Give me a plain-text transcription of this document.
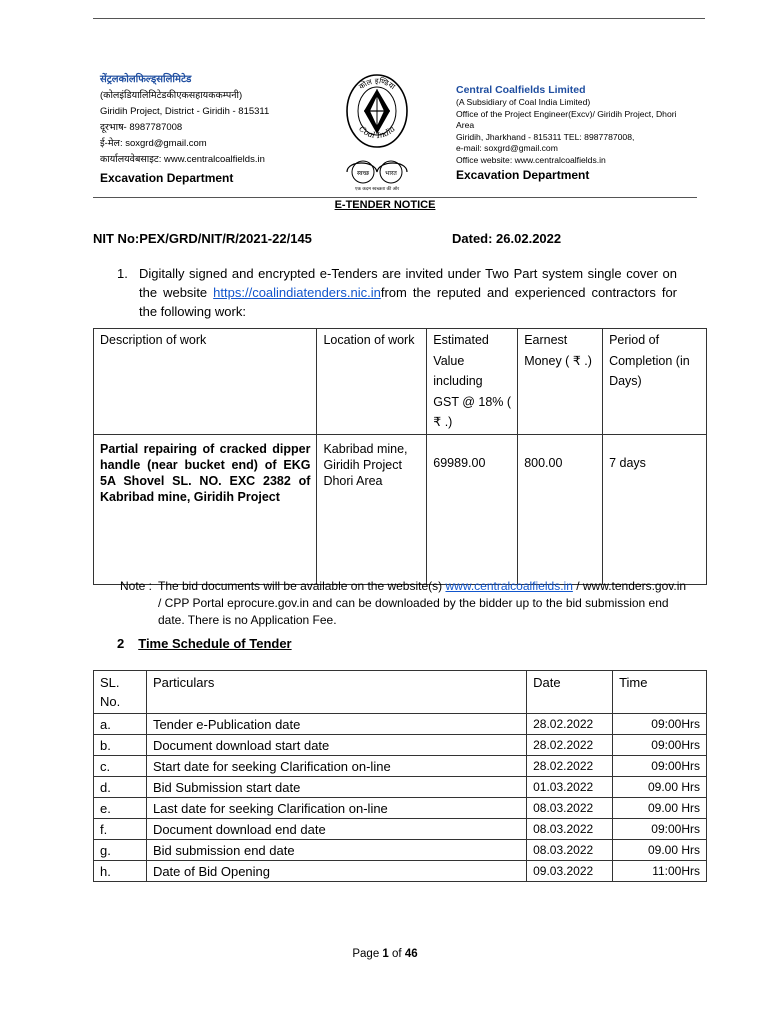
सेंट्रलकोलफिल्ड्सलिमिटेड
(कोलइंडियालिमिटेडकीएकसहायककम्पनी)
Giridih Project, District - Giridih - 815311
दूरभाष- 8987787008
ई-मेल: soxgrd@gmail.com
कार्यालयवेबसाइट: www.centralcoalfields.in
Excavation Department
कोल इण्डिया
Coal India
स्वच्छ	भारत
एक कदम स्वच्छता की ओर
Central Coalfields Limited
(A Subsidiary of Coal India Limited)
Office of the Project Engineer(Excv)/ Giridih Project, Dhori Area
Giridih, Jharkhand - 815311 TEL: 8987787008,
e-mail: soxgrd@gmail.com
Office website: www.centralcoalfields.in
Excavation Department
E-TENDER NOTICE
NIT No:PEX/GRD/NIT/R/2021-22/145	Dated: 26.02.2022
1. Digitally signed and encrypted e-Tenders are invited under Two Part system single cover on the website https://coalindiatenders.nic.infrom the reputed and experienced contractors for the following work:
Description of work	Location of work	Estimated Value including GST @ 18% ( ₹ .)	Earnest Money ( ₹ .)	Period of Completion (in Days)
Partial repairing of cracked dipper handle (near bucket end) of EKG 5A Shovel SL. NO. EXC 2382 of Kabribad mine, Giridih Project	Kabribad mine, Giridih Project Dhori Area	69989.00	800.00	7 days
Note : The bid documents will be available on the website(s) www.centralcoalfields.in / www.tenders.gov.in / CPP Portal eprocure.gov.in and can be downloaded by the bidder up to the bid submission end date. There is no Application Fee.
2 Time Schedule of Tender
SL. No.	Particulars	Date	Time
a.	Tender e-Publication date	28.02.2022	09:00Hrs
b.	Document download start date	28.02.2022	09:00Hrs
c.	Start date for seeking Clarification on-line	28.02.2022	09:00Hrs
d.	Bid Submission start date	01.03.2022	09.00 Hrs
e.	Last date for seeking Clarification on-line	08.03.2022	09.00 Hrs
f.	Document download end date	08.03.2022	09:00Hrs
g.	Bid submission end date	08.03.2022	09.00 Hrs
h.	Date of Bid Opening	09.03.2022	11:00Hrs
Page 1 of 46
